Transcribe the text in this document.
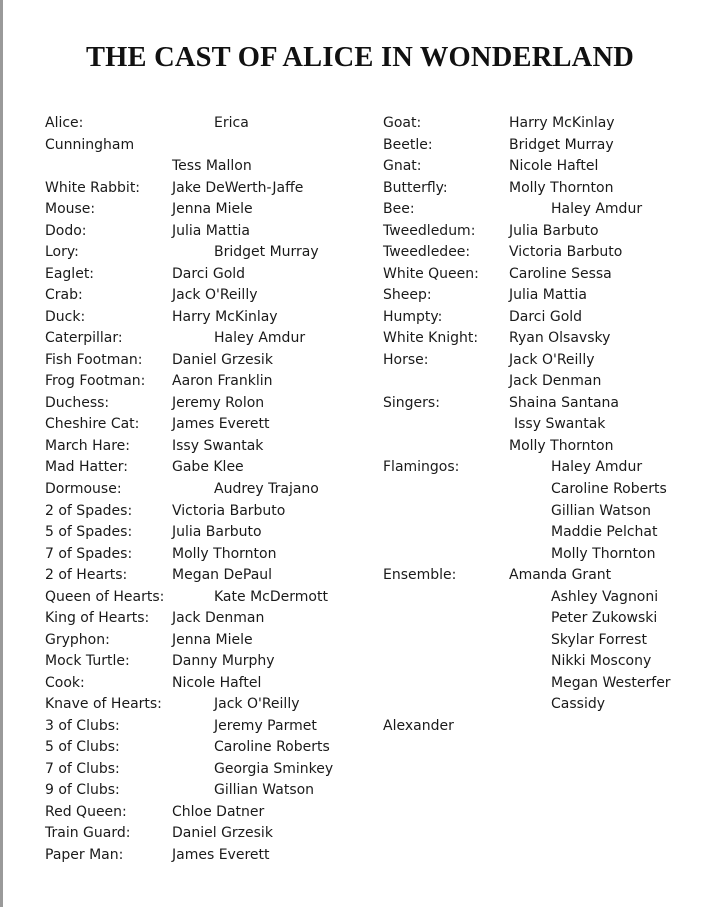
THE CAST OF ALICE IN WONDERLAND
Alice:	Erica
Cunningham
Tess Mallon
White Rabbit: Jake DeWerth-Jaffe
Mouse:	Jenna Miele
Dodo:	Julia Mattia
Lory:	Bridget Murray
Eaglet:	Darci Gold
Crab:	Jack O'Reilly
Duck:	Harry McKinlay
Caterpillar:	Haley Amdur
Fish Footman: Daniel Grzesik
Frog Footman: Aaron Franklin
Duchess:	Jeremy Rolon
Cheshire Cat: James Everett
March Hare:	Issy Swantak
Mad Hatter:	Gabe Klee
Dormouse:	Audrey Trajano
2 of Spades:	Victoria Barbuto
5 of Spades:	Julia Barbuto
7 of Spades:	Molly Thornton
2 of Hearts:	Megan DePaul
Queen of Hearts:	Kate McDermott
King of Hearts: Jack Denman
Gryphon:	Jenna Miele
Mock Turtle:	Danny Murphy
Cook:	Nicole Haftel
Knave of Hearts:	Jack O'Reilly
3 of Clubs:	Jeremy Parmet
5 of Clubs:	Caroline Roberts
7 of Clubs:	Georgia Sminkey
9 of Clubs:	Gillian Watson
Red Queen:	Chloe Datner
Train Guard:	Daniel Grzesik
Paper Man:	James Everett
Goat:	Harry McKinlay
Beetle:	Bridget Murray
Gnat:	Nicole Haftel
Butterfly:	Molly Thornton
Bee:	Haley Amdur
Tweedledum: Julia Barbuto
Tweedledee:	Victoria Barbuto
White Queen: Caroline Sessa
Sheep:	Julia Mattia
Humpty:	Darci Gold
White Knight: Ryan Olsavsky
Horse:	Jack O'Reilly
Jack Denman
Singers:	Shaina Santana
Issy Swantak
Molly Thornton
Flamingos:	Haley Amdur
Caroline Roberts
Gillian Watson
Maddie Pelchat
Molly Thornton
Ensemble:	Amanda Grant
Ashley Vagnoni
Peter Zukowski
Skylar Forrest
Nikki Moscony
Megan Westerfer
Cassidy
Alexander
